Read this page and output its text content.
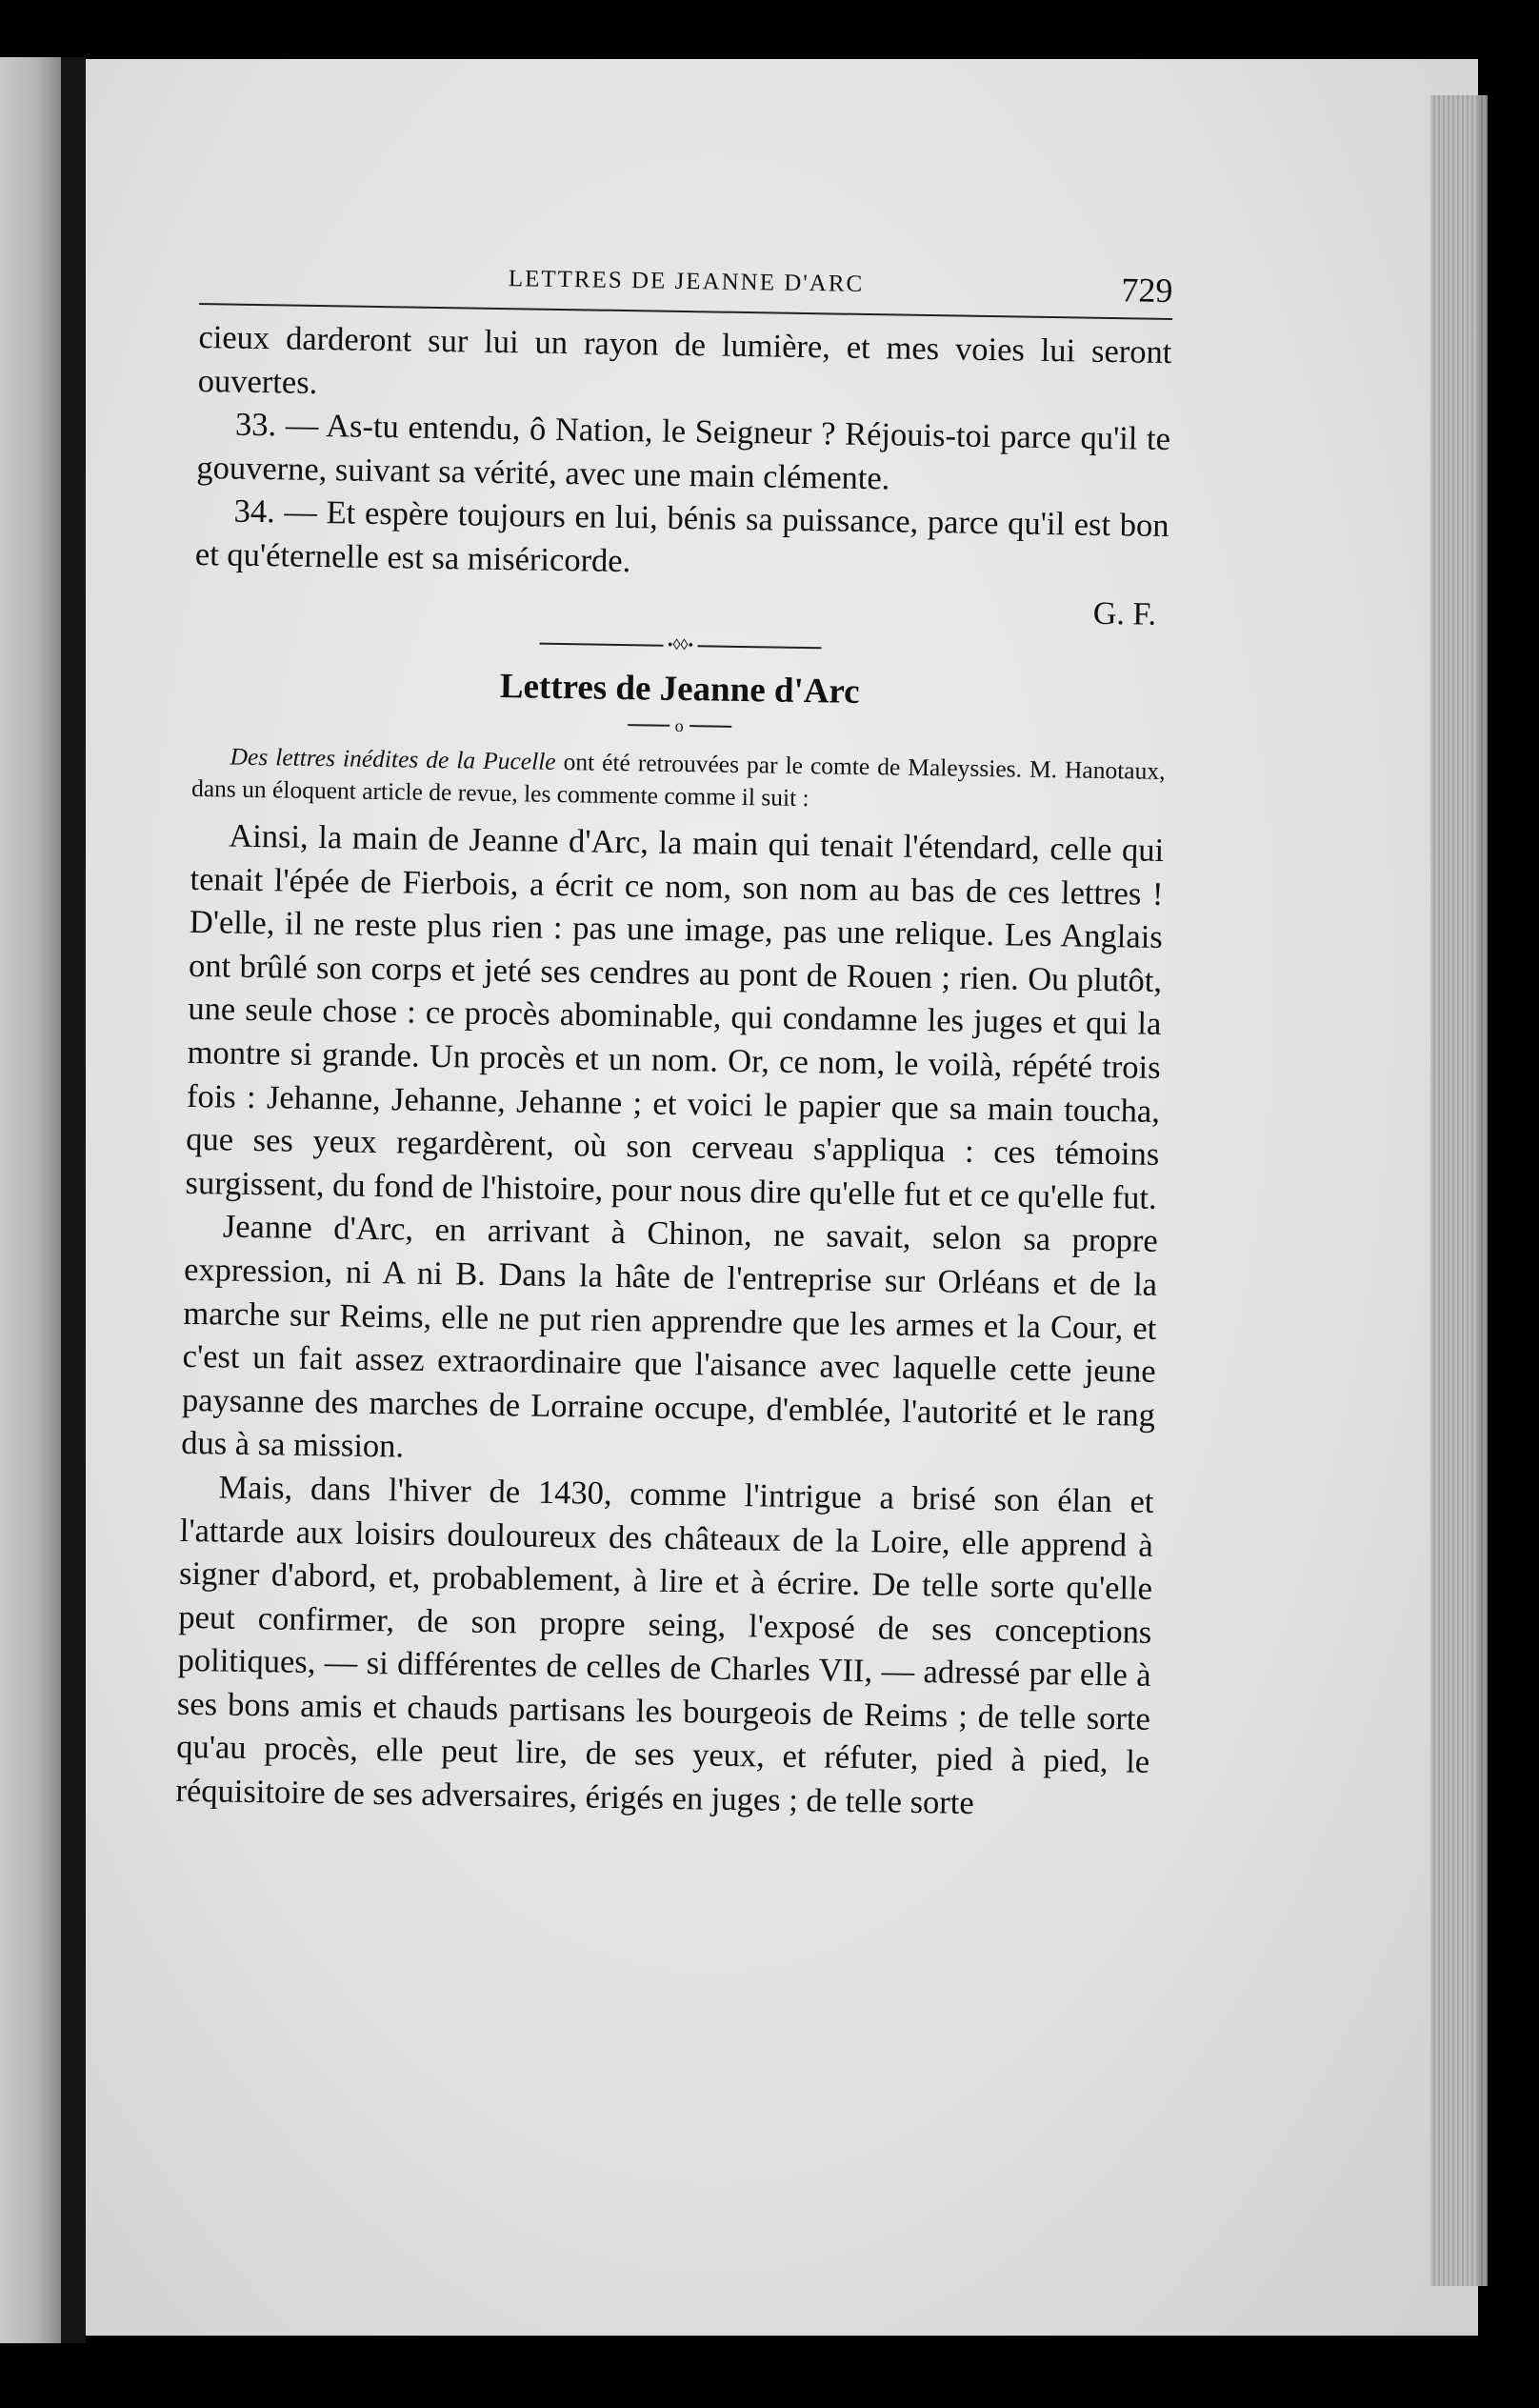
LETTRES DE JEANNE D'ARC	729

cieux darderont sur lui un rayon de lumière, et mes voies lui seront ouvertes.

33. — As-tu entendu, ô Nation, le Seigneur ? Réjouis-toi parce qu'il te gouverne, suivant sa vérité, avec une main clémente.

34. — Et espère toujours en lui, bénis sa puissance, parce qu'il est bon et qu'éternelle est sa miséricorde.

G. F.
•◊◊•
Lettres de Jeanne d'Arc
o

Des lettres inédites de la Pucelle ont été retrouvées par le comte de Maleyssies. M. Hanotaux, dans un éloquent article de revue, les commente comme il suit :

Ainsi, la main de Jeanne d'Arc, la main qui tenait l'étendard, celle qui tenait l'épée de Fierbois, a écrit ce nom, son nom au bas de ces lettres ! D'elle, il ne reste plus rien : pas une image, pas une relique. Les Anglais ont brûlé son corps et jeté ses cendres au pont de Rouen ; rien. Ou plutôt, une seule chose : ce procès abominable, qui condamne les juges et qui la montre si grande. Un procès et un nom. Or, ce nom, le voilà, répété trois fois : Jehanne, Jehanne, Jehanne ; et voici le papier que sa main toucha, que ses yeux regardèrent, où son cerveau s'appliqua : ces témoins surgissent, du fond de l'histoire, pour nous dire qu'elle fut et ce qu'elle fut.

Jeanne d'Arc, en arrivant à Chinon, ne savait, selon sa propre expression, ni A ni B. Dans la hâte de l'entreprise sur Orléans et de la marche sur Reims, elle ne put rien apprendre que les armes et la Cour, et c'est un fait assez extraordinaire que l'aisance avec laquelle cette jeune paysanne des marches de Lorraine occupe, d'emblée, l'autorité et le rang dus à sa mission.

Mais, dans l'hiver de 1430, comme l'intrigue a brisé son élan et l'attarde aux loisirs douloureux des châteaux de la Loire, elle apprend à signer d'abord, et, probablement, à lire et à écrire. De telle sorte qu'elle peut confirmer, de son propre seing, l'exposé de ses conceptions politiques, — si différentes de celles de Charles VII, — adressé par elle à ses bons amis et chauds partisans les bourgeois de Reims ; de telle sorte qu'au procès, elle peut lire, de ses yeux, et réfuter, pied à pied, le réquisitoire de ses adversaires, érigés en juges ; de telle sorte
